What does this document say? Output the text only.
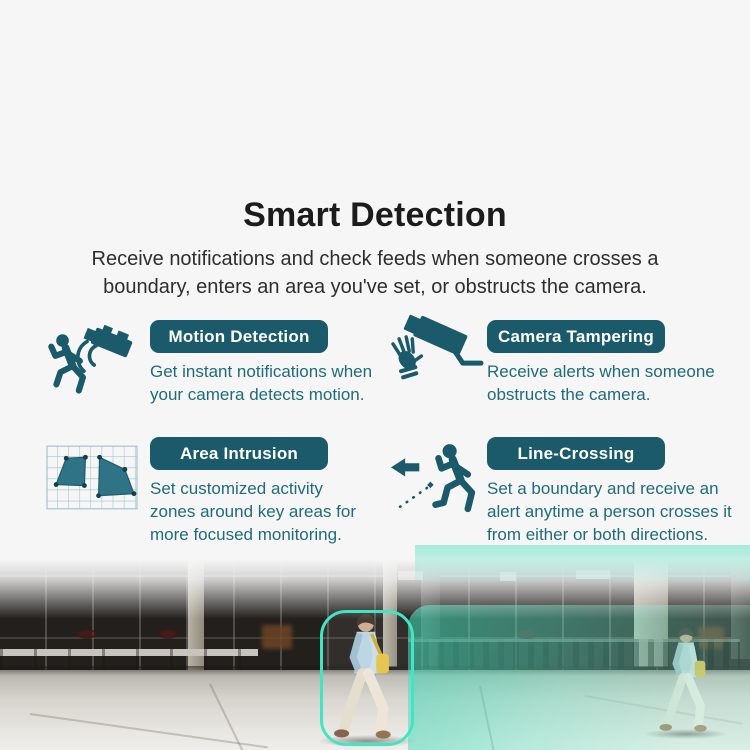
Smart Detection
Receive notifications and check feeds when someone crosses a
boundary, enters an area you've set, or obstructs the camera.
Motion Detection
Get instant notifications when
your camera detects motion.
Camera Tampering
Receive alerts when someone
obstructs the camera.
Area Intrusion
Set customized activity
zones around key areas for
more focused monitoring.
Line-Crossing
Set a boundary and receive an
alert anytime a person crosses it
from either or both directions.
